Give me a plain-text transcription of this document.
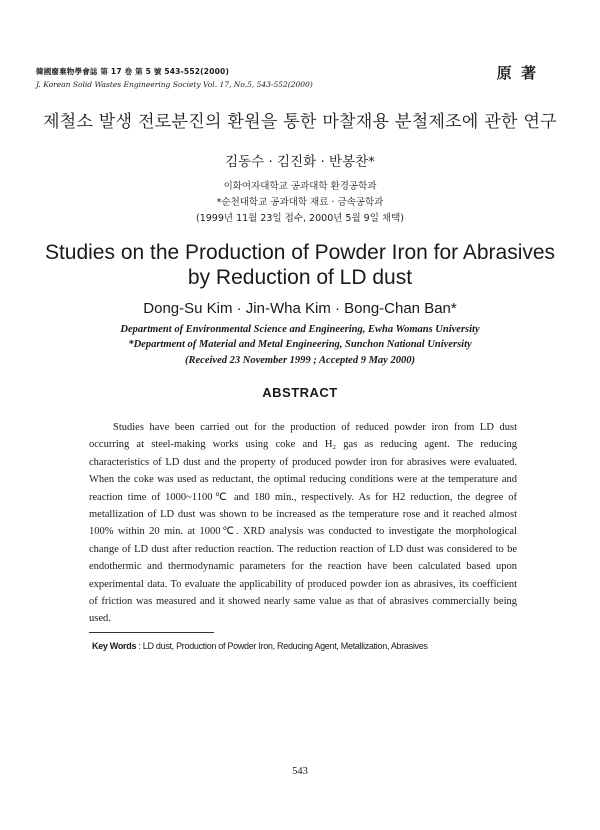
韓國廢棄物學會誌 第 17 卷 第 5 號 543-552(2000)
J. Korean Solid Wastes Engineering Society Vol. 17, No.5, 543-552(2000)
原 著
제철소 발생 전로분진의 환원을 통한 마찰재용 분철제조에 관한 연구
김동수 · 김진화 · 반봉찬*
이화여자대학교 공과대학 환경공학과
*순천대학교 공과대학 재료 · 금속공학과
(1999년 11월 23일 접수, 2000년 5월 9일 채택)
Studies on the Production of Powder Iron for Abrasives
by Reduction of LD dust
Dong-Su Kim · Jin-Wha Kim · Bong-Chan Ban*
Department of Environmental Science and Engineering, Ewha Womans University
*Department of Material and Metal Engineering, Sunchon National University
(Received 23 November 1999 ; Accepted 9 May 2000)
ABSTRACT

Studies have been carried out for the production of reduced powder iron from LD dust occurring at steel-making works using coke and H₂ gas as reducing agent. The reducing characteristics of LD dust and the property of produced powder iron for abrasives were evaluated. When the coke was used as reductant, the optimal reducing conditions were at the temperature and reaction time of 1000~1100℃ and 180 min., respectively. As for H2 reduction, the degree of metallization of LD dust was shown to be increased as the temperature rose and it reached almost 100% within 20 min. at 1000℃. XRD analysis was conducted to investigate the morphological change of LD dust after reduction reaction. The reduction reaction of LD dust was considered to be endothermic and thermodynamic parameters for the reaction have been calculated based upon experimental data. To evaluate the applicability of produced powder ion as abrasives, its coefficient of friction was measured and it showed nearly same value as that of abrasives commercially being used.

Key Words : LD dust, Production of Powder Iron, Reducing Agent, Metallization, Abrasives
543
